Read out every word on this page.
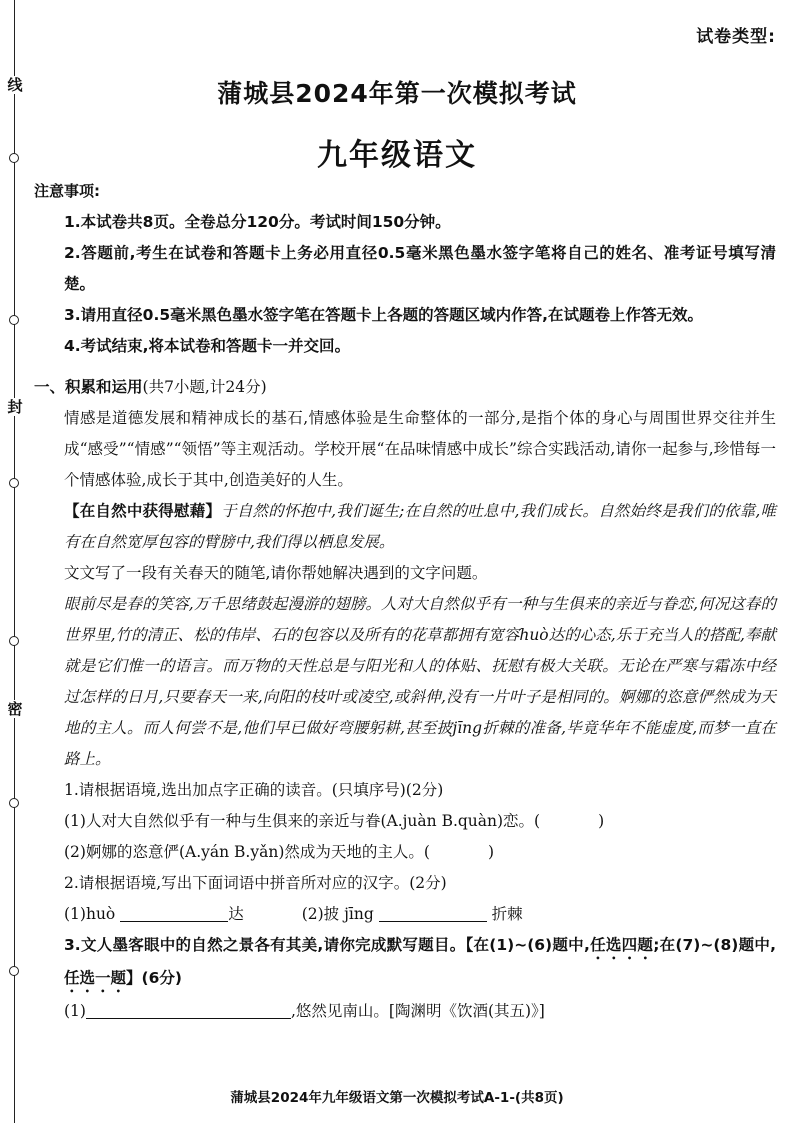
线
封
密
试卷类型:
蒲城县2024年第一次模拟考试
九年级语文

注意事项:

1.本试卷共8页。全卷总分120分。考试时间150分钟。

2.答题前,考生在试卷和答题卡上务必用直径0.5毫米黑色墨水签字笔将自己的姓名、准考证号填写清楚。

3.请用直径0.5毫米黑色墨水签字笔在答题卡上各题的答题区域内作答,在试题卷上作答无效。

4.考试结束,将本试卷和答题卡一并交回。

一、积累和运用(共7小题,计24分)

情感是道德发展和精神成长的基石,情感体验是生命整体的一部分,是指个体的身心与周围世界交往并生成“感受”“情感”“领悟”等主观活动。学校开展“在品味情感中成长”综合实践活动,请你一起参与,珍惜每一个情感体验,成长于其中,创造美好的人生。

【在自然中获得慰藉】于自然的怀抱中,我们诞生;在自然的吐息中,我们成长。自然始终是我们的依靠,唯有在自然宽厚包容的臂膀中,我们得以栖息发展。

文文写了一段有关春天的随笔,请你帮她解决遇到的文字问题。

眼前尽是春的笑容,万千思绪鼓起漫游的翅膀。人对大自然似乎有一种与生俱来的亲近与眷恋,何况这春的世界里,竹的清正、松的伟岸、石的包容以及所有的花草都拥有宽容huò达的心态,乐于充当人的搭配,奉献就是它们惟一的语言。而万物的天性总是与阳光和人的体贴、抚慰有极大关联。无论在严寒与霜冻中经过怎样的日月,只要春天一来,向阳的枝叶或凌空,或斜伸,没有一片叶子是相同的。婀娜的恣意俨然成为天地的主人。而人何尝不是,他们早已做好弯腰躬耕,甚至披jīng折棘的准备,毕竟华年不能虚度,而梦一直在路上。

1.请根据语境,选出加点字正确的读音。(只填序号)(2分)

(1)人对大自然似乎有一种与生俱来的亲近与眷(A.juàn B.quàn)恋。(	)

(2)婀娜的恣意俨(A.yán B.yǎn)然成为天地的主人。(	)

2.请根据语境,写出下面词语中拼音所对应的汉字。(2分)

(1)huò	达	(2)披 jīng	折棘

3.文人墨客眼中的自然之景各有其美,请你完成默写题目。【在(1)~(6)题中,任选四题;在(7)~(8)题中,任选一题】(6分)

(1)	,悠然见南山。[陶渊明《饮酒(其五)》]

蒲城县2024年九年级语文第一次模拟考试A-1-(共8页)
